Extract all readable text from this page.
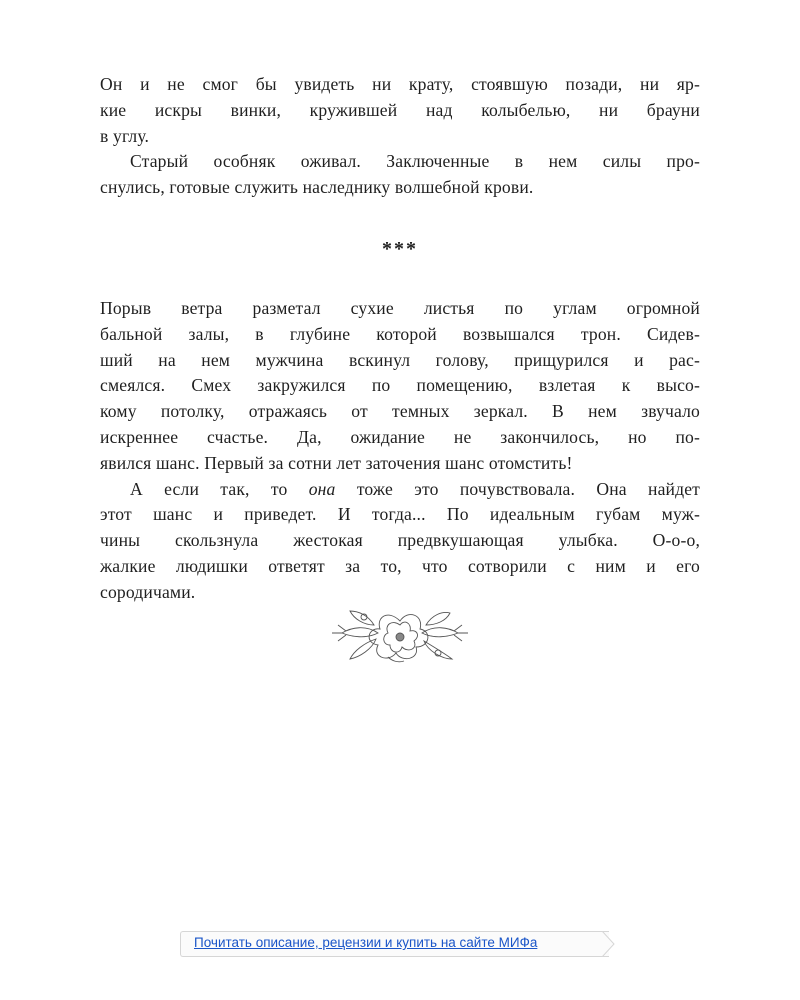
Он и не смог бы увидеть ни крату, стоявшую позади, ни яр-
кие искры винки, кружившей над колыбелью, ни брауни
в углу.
Старый особняк оживал. Заключенные в нем силы про-
снулись, готовые служить наследнику волшебной крови.
***
Порыв ветра разметал сухие листья по углам огромной
бальной залы, в глубине которой возвышался трон. Сидев-
ший на нем мужчина вскинул голову, прищурился и рас-
смеялся. Смех закружился по помещению, взлетая к высо-
кому потолку, отражаясь от темных зеркал. В нем звучало
искреннее счастье. Да, ожидание не закончилось, но по-
явился шанс. Первый за сотни лет заточения шанс отомстить!
А если так, то она тоже это почувствовала. Она найдет
этот шанс и приведет. И тогда... По идеальным губам муж-
чины скользнула жестокая предвкушающая улыбка. О-о-о,
жалкие людишки ответят за то, что сотворили с ним и его
сородичами.
Почитать описание, рецензии и купить на сайте МИФа
